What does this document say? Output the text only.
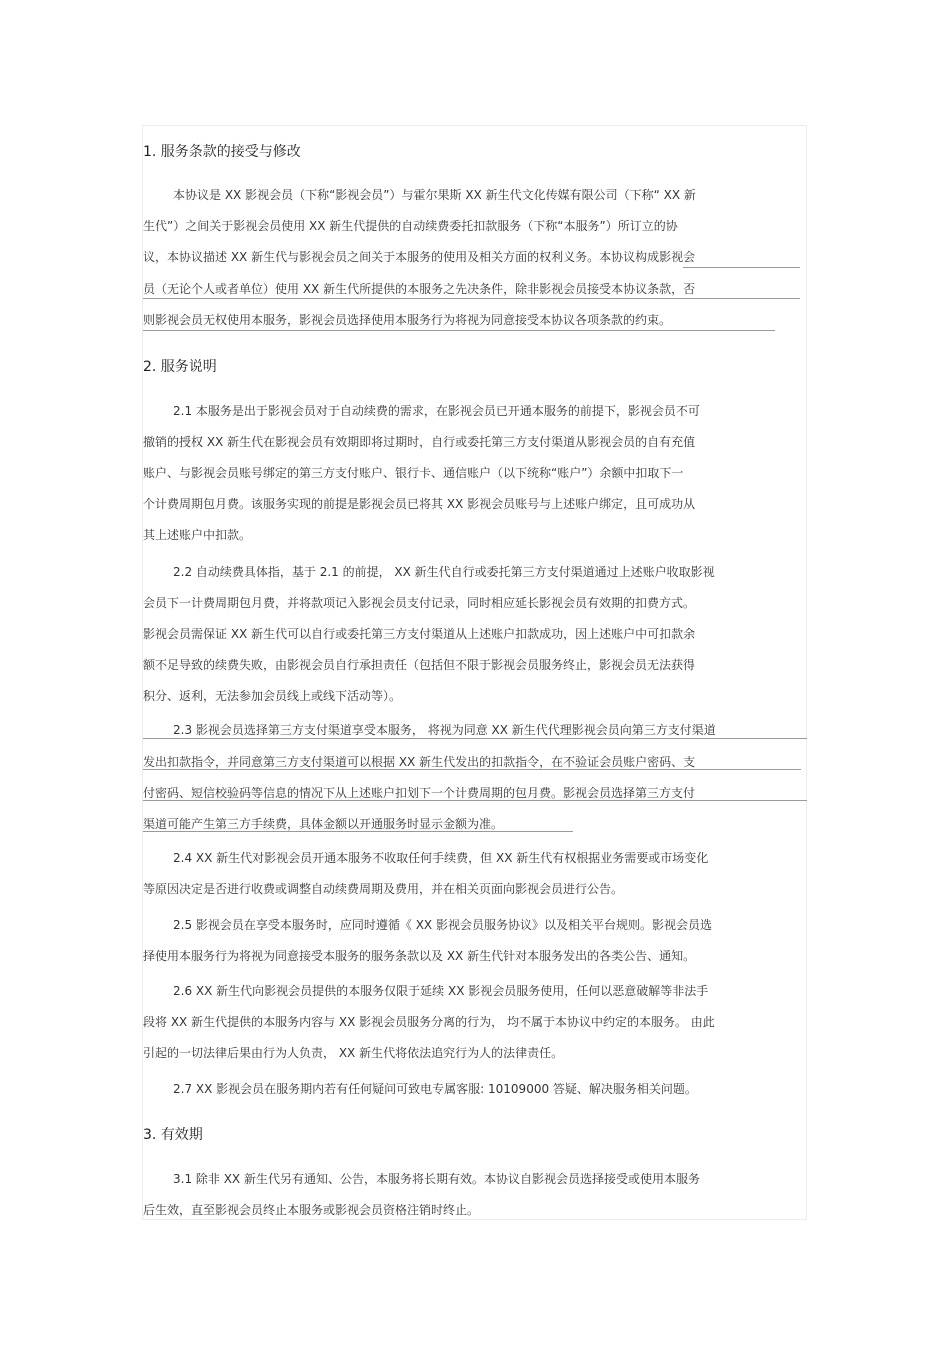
1. 服务条款的接受与修改
本协议是 XX 影视会员（下称“影视会员”）与霍尔果斯 XX 新生代文化传媒有限公司（下称“ XX 新
生代”）之间关于影视会员使用 XX 新生代提供的自动续费委托扣款服务（下称“本服务”）所订立的协
议，本协议描述 XX 新生代与影视会员之间关于本服务的使用及相关方面的权利义务。本协议构成影视会
员（无论个人或者单位）使用 XX 新生代所提供的本服务之先决条件，除非影视会员接受本协议条款，否
则影视会员无权使用本服务，影视会员选择使用本服务行为将视为同意接受本协议各项条款的约束。
2. 服务说明
2.1 本服务是出于影视会员对于自动续费的需求，在影视会员已开通本服务的前提下，影视会员不可
撤销的授权 XX 新生代在影视会员有效期即将过期时，自行或委托第三方支付渠道从影视会员的自有充值
账户、与影视会员账号绑定的第三方支付账户、银行卡、通信账户（以下统称“账户”）余额中扣取下一
个计费周期包月费。该服务实现的前提是影视会员已将其 XX 影视会员账号与上述账户绑定，且可成功从
其上述账户中扣款。
2.2 自动续费具体指，基于 2.1 的前提， XX 新生代自行或委托第三方支付渠道通过上述账户收取影视
会员下一计费周期包月费，并将款项记入影视会员支付记录，同时相应延长影视会员有效期的扣费方式。
影视会员需保证 XX 新生代可以自行或委托第三方支付渠道从上述账户扣款成功，因上述账户中可扣款余
额不足导致的续费失败，由影视会员自行承担责任（包括但不限于影视会员服务终止，影视会员无法获得
积分、返利，无法参加会员线上或线下活动等）。
2.3 影视会员选择第三方支付渠道享受本服务， 将视为同意 XX 新生代代理影视会员向第三方支付渠道
发出扣款指令，并同意第三方支付渠道可以根据 XX 新生代发出的扣款指令，在不验证会员账户密码、支
付密码、短信校验码等信息的情况下从上述账户扣划下一个计费周期的包月费。影视会员选择第三方支付
渠道可能产生第三方手续费，具体金额以开通服务时显示金额为准。
2.4 XX 新生代对影视会员开通本服务不收取任何手续费，但 XX 新生代有权根据业务需要或市场变化
等原因决定是否进行收费或调整自动续费周期及费用，并在相关页面向影视会员进行公告。
2.5 影视会员在享受本服务时，应同时遵循《 XX 影视会员服务协议》以及相关平台规则。影视会员选
择使用本服务行为将视为同意接受本服务的服务条款以及 XX 新生代针对本服务发出的各类公告、通知。
2.6 XX 新生代向影视会员提供的本服务仅限于延续 XX 影视会员服务使用，任何以恶意破解等非法手
段将 XX 新生代提供的本服务内容与 XX 影视会员服务分离的行为， 均不属于本协议中约定的本服务。 由此
引起的一切法律后果由行为人负责， XX 新生代将依法追究行为人的法律责任。
2.7 XX 影视会员在服务期内若有任何疑问可致电专属客服: 10109000 答疑、解决服务相关问题。
3. 有效期
3.1 除非 XX 新生代另有通知、公告，本服务将长期有效。本协议自影视会员选择接受或使用本服务
后生效，直至影视会员终止本服务或影视会员资格注销时终止。
